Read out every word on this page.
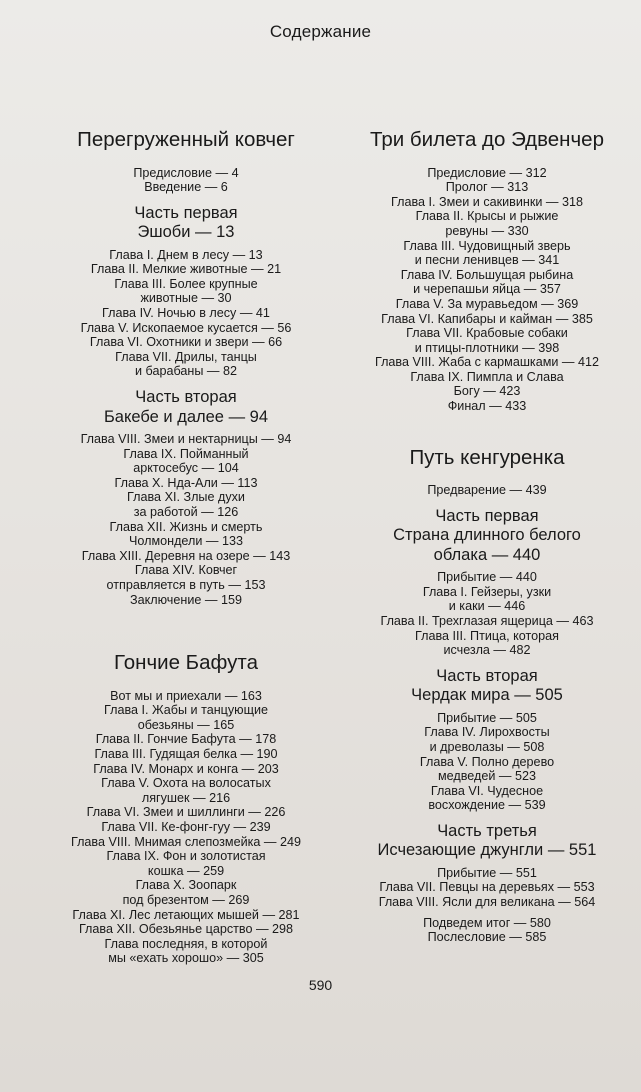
Содержание
Перегруженный ковчег

Предисловие — 4

Введение — 6

Часть первая
Эшоби — 13

Глава I. Днем в лесу — 13

Глава II. Мелкие животные — 21

Глава III. Более крупные
животные — 30

Глава IV. Ночью в лесу — 41

Глава V. Ископаемое кусается — 56

Глава VI. Охотники и звери — 66

Глава VII. Дрилы, танцы
и барабаны — 82

Часть вторая
Бакебе и далее — 94

Глава VIII. Змеи и нектарницы — 94

Глава IX. Пойманный
арктосебус — 104

Глава X. Нда-Али — 113

Глава XI. Злые духи
за работой — 126

Глава XII. Жизнь и смерть
Чолмондели — 133

Глава XIII. Деревня на озере — 143

Глава XIV. Ковчег
отправляется в путь — 153

Заключение — 159

Гончие Бафута

Вот мы и приехали — 163

Глава I. Жабы и танцующие
обезьяны — 165

Глава II. Гончие Бафута — 178

Глава III. Гудящая белка — 190

Глава IV. Монарх и конга — 203

Глава V. Охота на волосатых
лягушек — 216

Глава VI. Змеи и шиллинги — 226

Глава VII. Ке-фонг-гуу — 239

Глава VIII. Мнимая слепозмейка — 249

Глава IX. Фон и золотистая
кошка — 259

Глава X. Зоопарк
под брезентом — 269

Глава XI. Лес летающих мышей — 281

Глава XII. Обезьянье царство — 298

Глава последняя, в которой
мы «ехать хорошо» — 305

Три билета до Эдвенчер

Предисловие — 312

Пролог — 313

Глава I. Змеи и сакивинки — 318

Глава II. Крысы и рыжие
ревуны — 330

Глава III. Чудовищный зверь
и песни ленивцев — 341

Глава IV. Большущая рыбина
и черепашьи яйца — 357

Глава V. За муравьедом — 369

Глава VI. Капибары и кайман — 385

Глава VII. Крабовые собаки
и птицы-плотники — 398

Глава VIII. Жаба с кармашками — 412

Глава IX. Пимпла и Слава
Богу — 423

Финал — 433

Путь кенгуренка

Предварение — 439

Часть первая
Страна длинного белого
облака — 440

Прибытие — 440

Глава I. Гейзеры, узки
и каки — 446

Глава II. Трехглазая ящерица — 463

Глава III. Птица, которая
исчезла — 482

Часть вторая
Чердак мира — 505

Прибытие — 505

Глава IV. Лирохвосты
и древолазы — 508

Глава V. Полно дерево
медведей — 523

Глава VI. Чудесное
восхождение — 539

Часть третья
Исчезающие джунгли — 551

Прибытие — 551

Глава VII. Певцы на деревьях — 553

Глава VIII. Ясли для великана — 564

Подведем итог — 580

Послесловие — 585

590
